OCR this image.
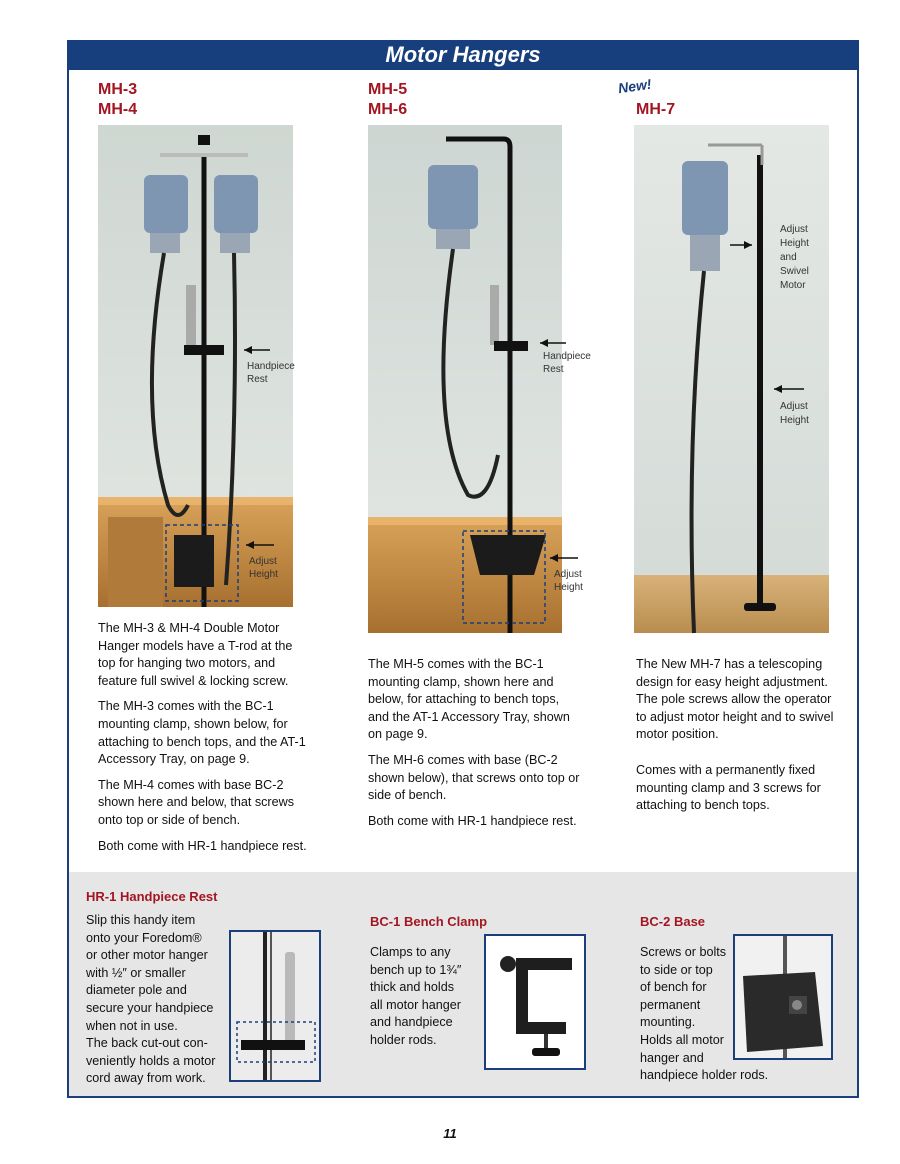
Motor Hangers
MH-3
MH-4
Handpiece
Rest
Adjust
Height

The MH-3 & MH-4 Double Motor Hanger models have a T-rod at the top for hanging two motors, and feature full swivel & locking screw.

The MH-3 comes with the BC-1 mounting clamp, shown below, for attaching to bench tops, and the AT-1 Accessory Tray, on page 9.

The MH-4 comes with base BC-2 shown here and below, that screws onto top or side of bench.

Both come with HR-1 handpiece rest.

MH-5
MH-6
Handpiece
Rest
Adjust
Height

The MH-5 comes with the BC-1 mounting clamp, shown here and below, for attaching to bench tops, and the AT-1 Accessory Tray, shown on page 9.

The MH-6 comes with base (BC-2 shown below), that screws onto top or side of bench.

Both come with HR-1 handpiece rest.

New!
MH-7
Adjust
Height
and
Swivel
Motor
Adjust
Height

The New MH-7 has a telescoping design for easy height adjustment. The pole screws allow the operator to adjust motor height and to swivel motor position.

Comes with a permanently fixed mounting clamp and 3 screws for attaching to bench tops.

HR-1 Handpiece Rest
Slip this handy item
onto your Foredom®
or other motor hanger
with ½″ or smaller
diameter pole and
secure your handpiece
when not in use.
The back cut-out con-
veniently holds a motor
cord away from work.
BC-1 Bench Clamp
Clamps to any
bench up to 1¾″
thick and holds
all motor hanger
and handpiece
holder rods.
BC-2 Base
Screws or bolts
to side or top
of bench for
permanent
mounting.
Holds all motor
hanger and
handpiece holder rods.
11
